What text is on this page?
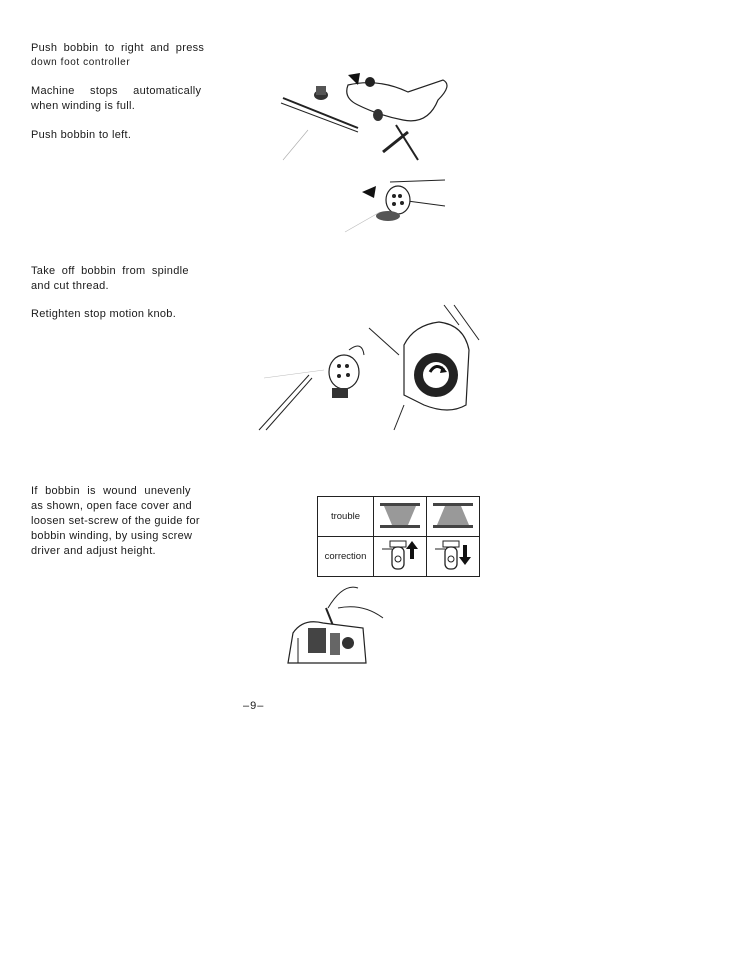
Push bobbin to right and press
down foot controller
Machine stops automatically
when winding is full.
Push bobbin to left.
Take off bobbin from spindle
and cut thread.
Retighten stop motion knob.
If bobbin is wound unevenly
as shown, open face cover and
loosen set-screw of the guide for
bobbin winding, by using screw
driver and adjust height.
trouble		
correction		
–9–
